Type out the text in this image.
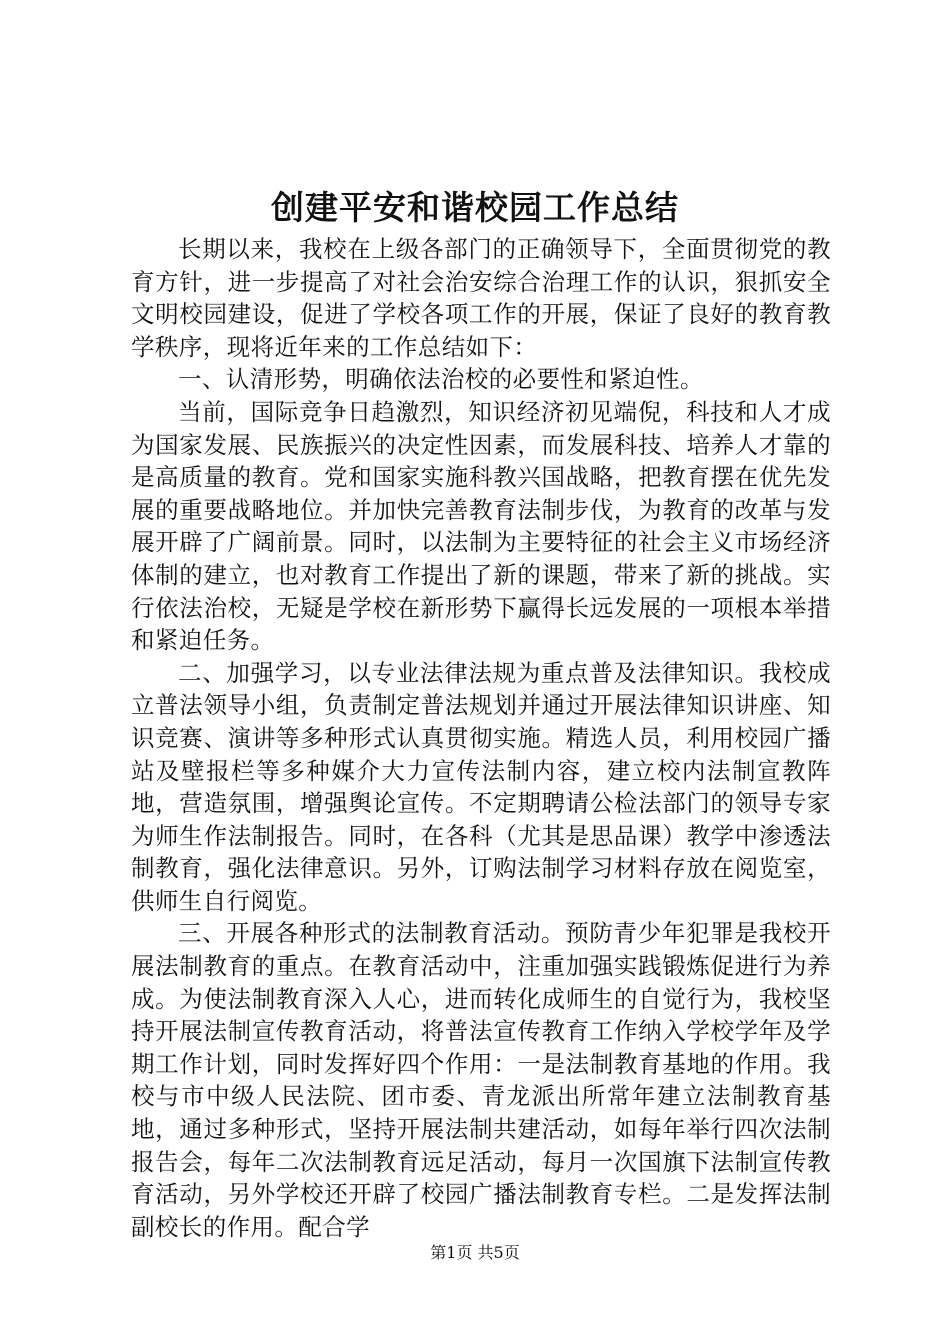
创建平安和谐校园工作总结

长期以来，我校在上级各部门的正确领导下，全面贯彻党的教育方针，进一步提高了对社会治安综合治理工作的认识，狠抓安全文明校园建设，促进了学校各项工作的开展，保证了良好的教育教学秩序，现将近年来的工作总结如下：

一、认清形势，明确依法治校的必要性和紧迫性。

当前，国际竞争日趋激烈，知识经济初见端倪，科技和人才成为国家发展、民族振兴的决定性因素，而发展科技、培养人才靠的是高质量的教育。党和国家实施科教兴国战略，把教育摆在优先发展的重要战略地位。并加快完善教育法制步伐，为教育的改革与发展开辟了广阔前景。同时，以法制为主要特征的社会主义市场经济体制的建立，也对教育工作提出了新的课题，带来了新的挑战。实行依法治校，无疑是学校在新形势下赢得长远发展的一项根本举措和紧迫任务。

二、加强学习，以专业法律法规为重点普及法律知识。我校成立普法领导小组，负责制定普法规划并通过开展法律知识讲座、知识竞赛、演讲等多种形式认真贯彻实施。精选人员，利用校园广播站及壁报栏等多种媒介大力宣传法制内容，建立校内法制宣教阵地，营造氛围，增强舆论宣传。不定期聘请公检法部门的领导专家为师生作法制报告。同时，在各科（尤其是思品课）教学中渗透法制教育，强化法律意识。另外，订购法制学习材料存放在阅览室，供师生自行阅览。

三、开展各种形式的法制教育活动。预防青少年犯罪是我校开展法制教育的重点。在教育活动中，注重加强实践锻炼促进行为养成。为使法制教育深入人心，进而转化成师生的自觉行为，我校坚持开展法制宣传教育活动，将普法宣传教育工作纳入学校学年及学期工作计划，同时发挥好四个作用：一是法制教育基地的作用。我校与市中级人民法院、团市委、青龙派出所常年建立法制教育基地，通过多种形式，坚持开展法制共建活动，如每年举行四次法制报告会，每年二次法制教育远足活动，每月一次国旗下法制宣传教育活动，另外学校还开辟了校园广播法制教育专栏。二是发挥法制副校长的作用。配合学

第1页 共5页
